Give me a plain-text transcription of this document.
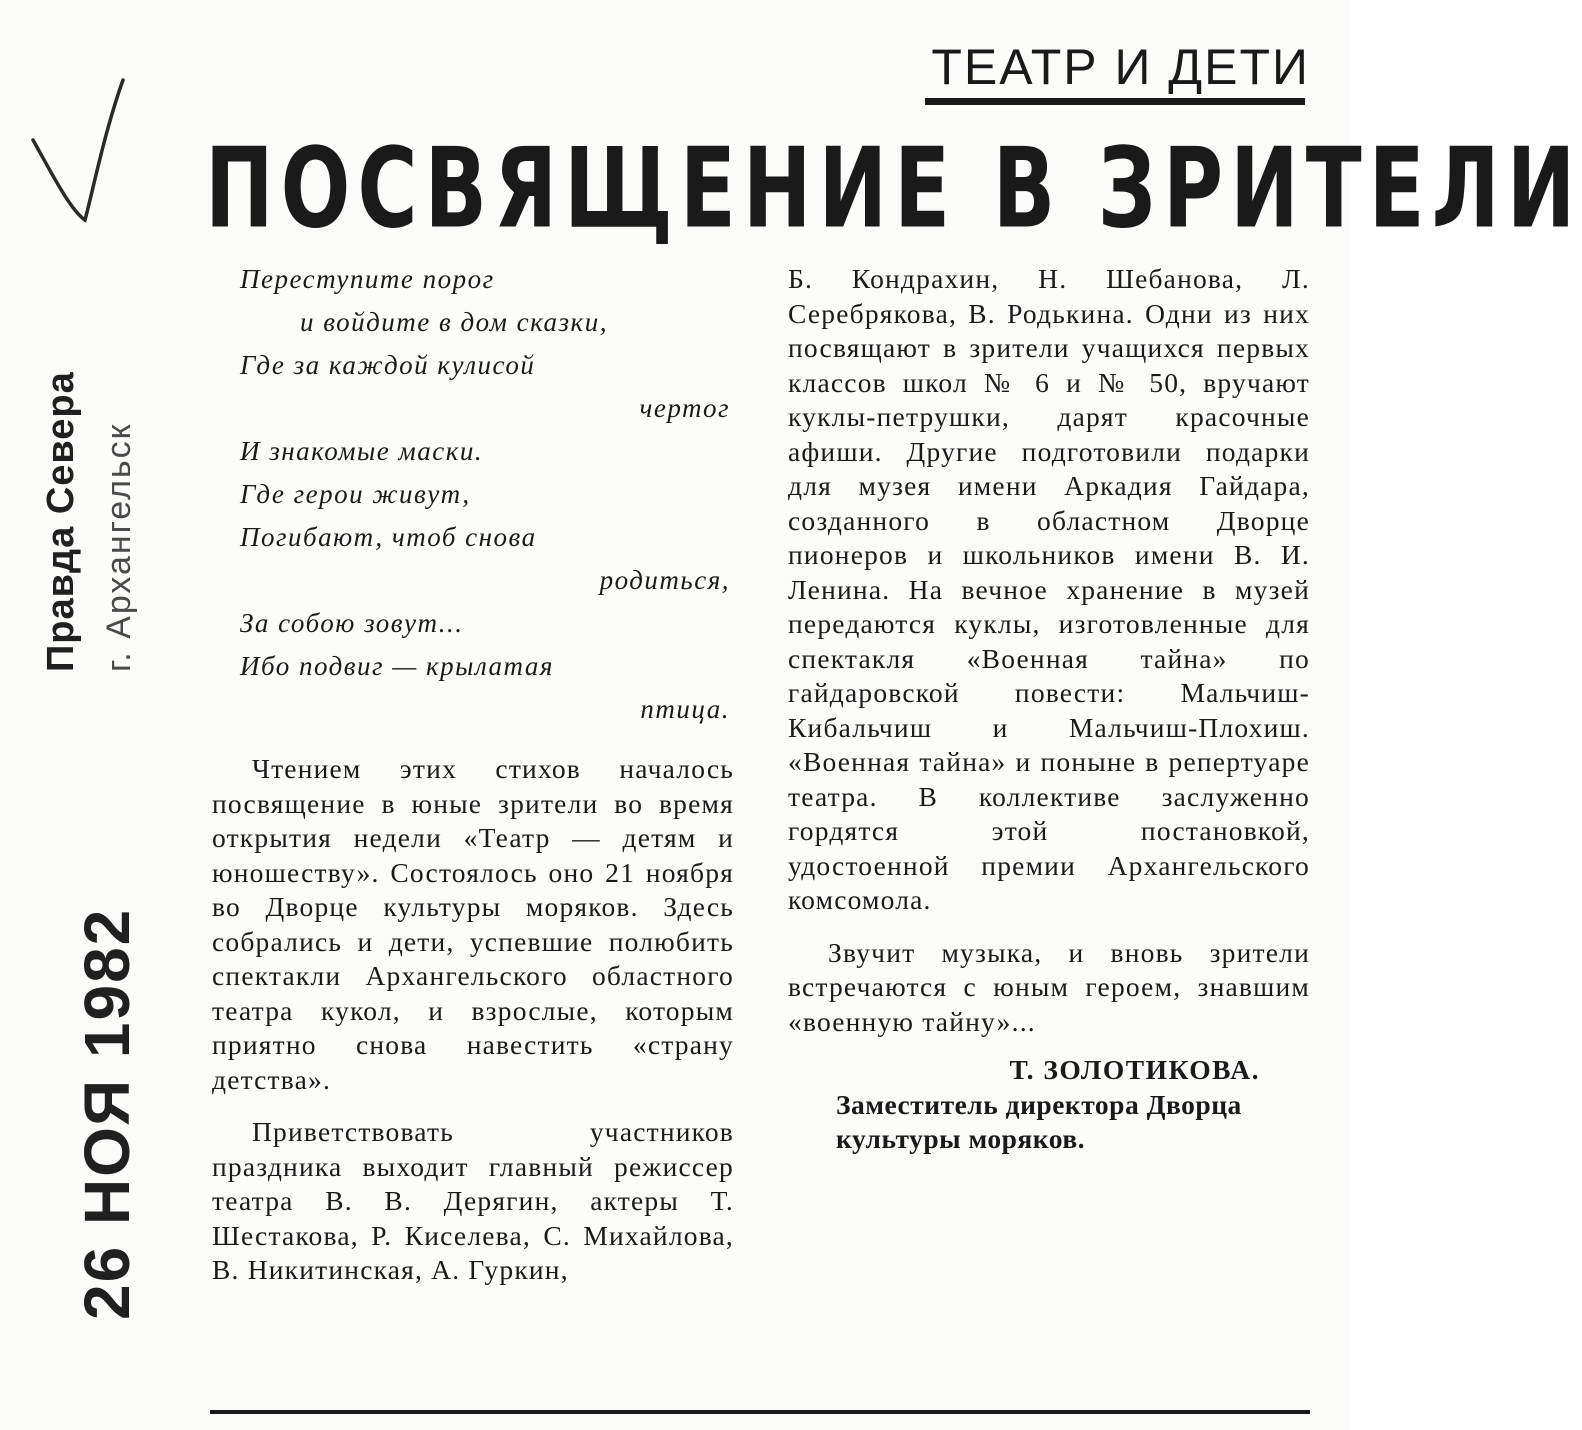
Правда Севера г. Архангельск
26 НОЯ 1982
ТЕАТР И ДЕТИ
ПОСВЯЩЕНИЕ В ЗРИТЕЛИ
Переступите порог
и войдите в дом сказки,
Где за каждой кулисой
чертог
И знакомые маски.
Где герои живут,
Погибают, чтоб снова
родиться,
За собою зовут...
Ибо подвиг — крылатая
птица.

Чтением этих стихов началось посвящение в юные зрители во время открытия недели «Театр — детям и юношеству». Состоялось оно 21 ноября во Дворце культуры моряков. Здесь собрались и дети, успевшие полюбить спектакли Архангельского областного театра кукол, и взрослые, которым приятно снова навестить «страну детства».

Приветствовать участников праздника выходит главный режиссер театра В. В. Дерягин, актеры Т. Шестакова, Р. Киселева, С. Михайлова, В. Никитинская, А. Гуркин,

Б. Кондрахин, Н. Шебанова, Л. Серебрякова, В. Родькина. Одни из них посвящают в зрители учащихся первых классов школ № 6 и № 50, вручают куклы-петрушки, дарят красочные афиши. Другие подготовили подарки для музея имени Аркадия Гайдара, созданного в областном Дворце пионеров и школьников имени В. И. Ленина. На вечное хранение в музей передаются куклы, изготовленные для спектакля «Военная тайна» по гайдаровской повести: Мальчиш-Кибальчиш и Мальчиш-Плохиш. «Военная тайна» и поныне в репертуаре театра. В коллективе заслуженно гордятся этой постановкой, удостоенной премии Архангельского комсомола.

Звучит музыка, и вновь зрители встречаются с юным героем, знавшим «военную тайну»...

Т. ЗОЛОТИКОВА.
Заместитель директора Дворца культуры моряков.
